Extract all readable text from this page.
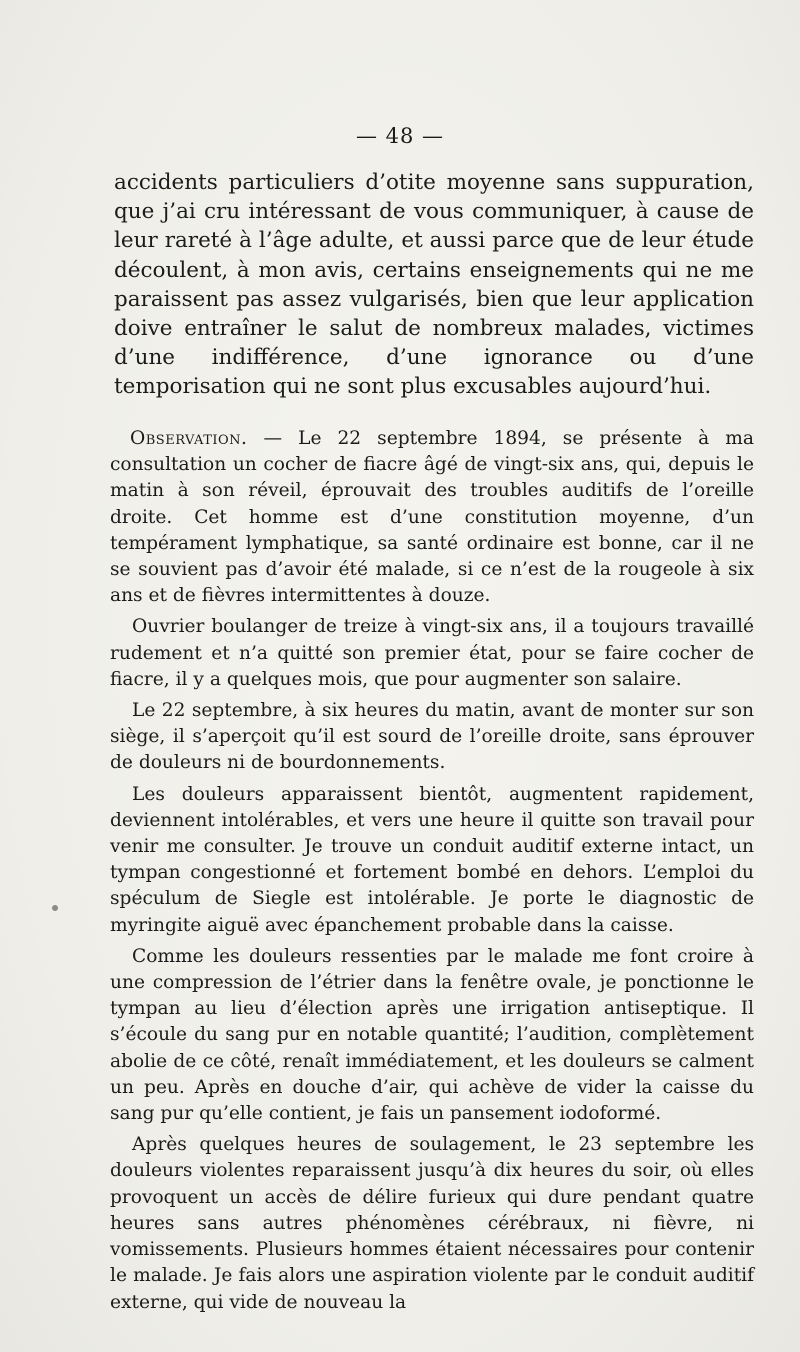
— 48 —

accidents particuliers d’otite moyenne sans suppuration, que j’ai cru intéressant de vous communiquer, à cause de leur rareté à l’âge adulte, et aussi parce que de leur étude découlent, à mon avis, certains enseignements qui ne me paraissent pas assez vulgarisés, bien que leur application doive entraîner le salut de nombreux malades, victimes d’une indifférence, d’une ignorance ou d’une temporisation qui ne sont plus excusables aujourd’hui.

Observation. — Le 22 septembre 1894, se présente à ma consultation un cocher de fiacre âgé de vingt-six ans, qui, depuis le matin à son réveil, éprouvait des troubles auditifs de l’oreille droite. Cet homme est d’une constitution moyenne, d’un tempérament lymphatique, sa santé ordinaire est bonne, car il ne se souvient pas d’avoir été malade, si ce n’est de la rougeole à six ans et de fièvres intermittentes à douze.

Ouvrier boulanger de treize à vingt-six ans, il a toujours travaillé rudement et n’a quitté son premier état, pour se faire cocher de fiacre, il y a quelques mois, que pour augmenter son salaire.

Le 22 septembre, à six heures du matin, avant de monter sur son siège, il s’aperçoit qu’il est sourd de l’oreille droite, sans éprouver de douleurs ni de bourdonnements.

Les douleurs apparaissent bientôt, augmentent rapidement, deviennent intolérables, et vers une heure il quitte son travail pour venir me consulter. Je trouve un conduit auditif externe intact, un tympan congestionné et fortement bombé en dehors. L’emploi du spéculum de Siegle est intolérable. Je porte le diagnostic de myringite aiguë avec épanchement probable dans la caisse.

Comme les douleurs ressenties par le malade me font croire à une compression de l’étrier dans la fenêtre ovale, je ponctionne le tympan au lieu d’élection après une irrigation antiseptique. Il s’écoule du sang pur en notable quantité; l’audition, complètement abolie de ce côté, renaît immédiatement, et les douleurs se calment un peu. Après en douche d’air, qui achève de vider la caisse du sang pur qu’elle contient, je fais un pansement iodoformé.

Après quelques heures de soulagement, le 23 septembre les douleurs violentes reparaissent jusqu’à dix heures du soir, où elles provoquent un accès de délire furieux qui dure pendant quatre heures sans autres phénomènes cérébraux, ni fièvre, ni vomissements. Plusieurs hommes étaient nécessaires pour contenir le malade. Je fais alors une aspiration violente par le conduit auditif externe, qui vide de nouveau la
